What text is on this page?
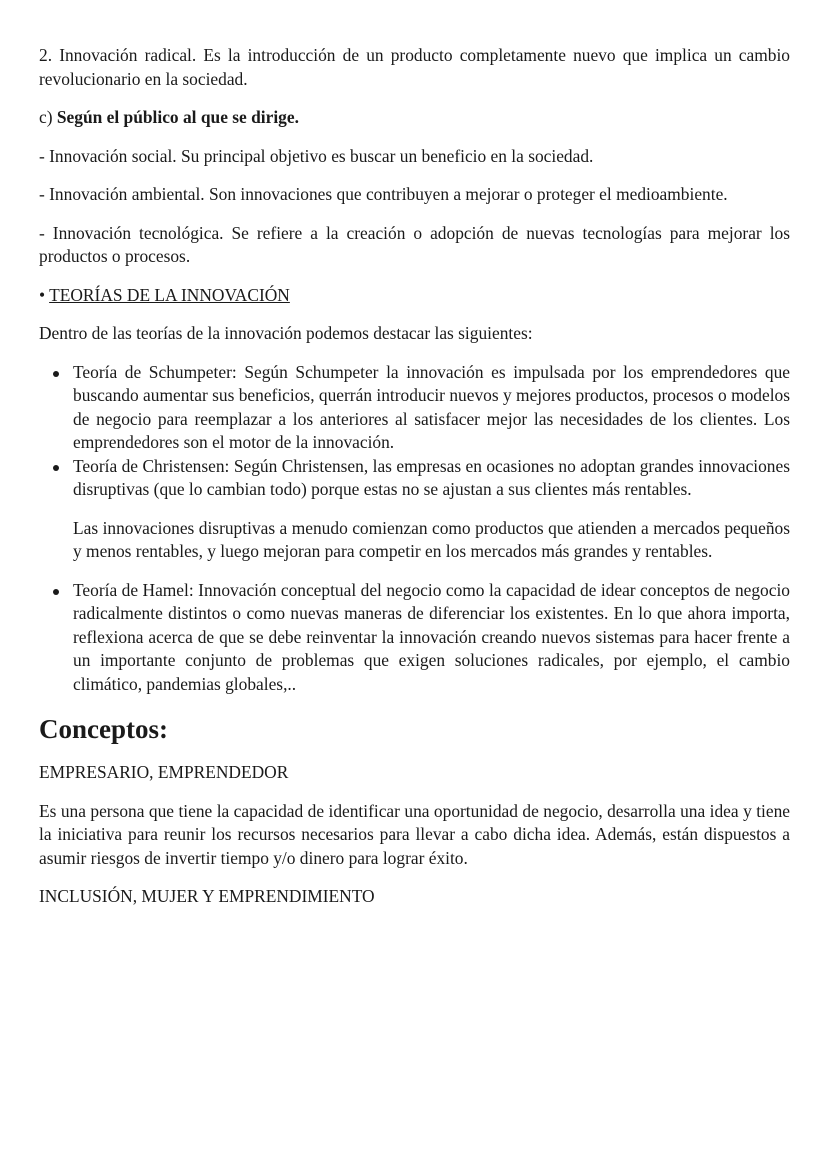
2. Innovación radical. Es la introducción de un producto completamente nuevo que implica un cambio revolucionario en la sociedad.

c) Según el público al que se dirige.

- Innovación social. Su principal objetivo es buscar un beneficio en la sociedad.

- Innovación ambiental. Son innovaciones que contribuyen a mejorar o proteger el medioambiente.

- Innovación tecnológica. Se refiere a la creación o adopción de nuevas tecnologías para mejorar los productos o procesos.

• TEORÍAS DE LA INNOVACIÓN

Dentro de las teorías de la innovación podemos destacar las siguientes:

Teoría de Schumpeter: Según Schumpeter la innovación es impulsada por los emprendedores que buscando aumentar sus beneficios, querrán introducir nuevos y mejores productos, procesos o modelos de negocio para reemplazar a los anteriores al satisfacer mejor las necesidades de los clientes. Los emprendedores son el motor de la innovación.

Teoría de Christensen: Según Christensen, las empresas en ocasiones no adoptan grandes innovaciones disruptivas (que lo cambian todo) porque estas no se ajustan a sus clientes más rentables.

Las innovaciones disruptivas a menudo comienzan como productos que atienden a mercados pequeños y menos rentables, y luego mejoran para competir en los mercados más grandes y rentables.

Teoría de Hamel: Innovación conceptual del negocio como la capacidad de idear conceptos de negocio radicalmente distintos o como nuevas maneras de diferenciar los existentes. En lo que ahora importa, reflexiona acerca de que se debe reinventar la innovación creando nuevos sistemas para hacer frente a un importante conjunto de problemas que exigen soluciones radicales, por ejemplo, el cambio climático, pandemias globales,..

Conceptos:

EMPRESARIO, EMPRENDEDOR

Es una persona que tiene la capacidad de identificar una oportunidad de negocio, desarrolla una idea y tiene la iniciativa para reunir los recursos necesarios para llevar a cabo dicha idea. Además, están dispuestos a asumir riesgos de invertir tiempo y/o dinero para lograr éxito.

INCLUSIÓN, MUJER Y EMPRENDIMIENTO
